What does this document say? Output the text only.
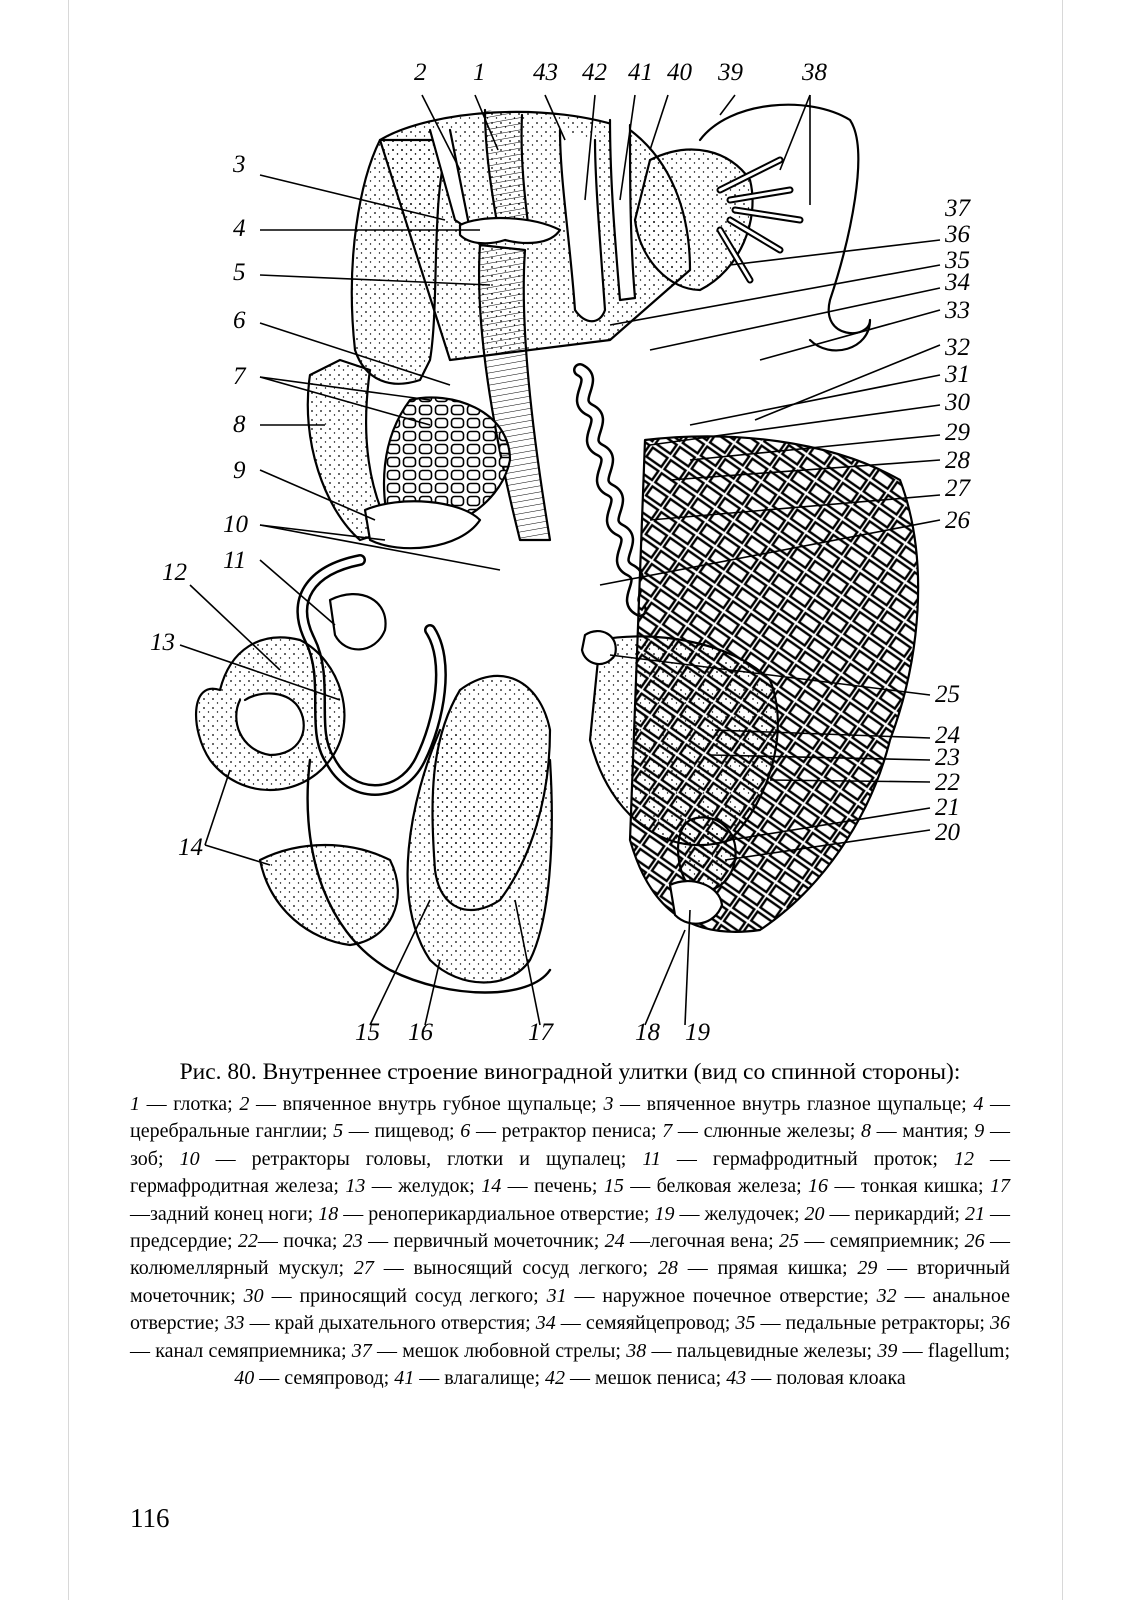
2 1 43 42 41 40 39 38
3
4
5
6
7
8
9
10
11
12
13
14
15 16	17	18 19
20
21
22
23
24
25
26
27
28
29
30
31
32
33
34
35
36
37
Рис. 80. Внутреннее строение виноградной улитки (вид со спинной стороны):
1 — глотка; 2 — впяченное внутрь губное щупальце; 3 — впяченное внутрь глазное щупальце; 4 — церебральные ганглии; 5 — пищевод; 6 — ретрактор пениса; 7 — слюнные железы; 8 — мантия; 9 — зоб; 10 — ретракторы головы, глотки и щупалец; 11 — гермафродитный проток; 12 — гермафродитная железа; 13 — желудок; 14 — печень; 15 — белковая железа; 16 — тонкая кишка; 17 —задний конец ноги; 18 — ренoперикардиальное отверстие; 19 — желудочек; 20 — перикардий; 21 — предсердие; 22— почка; 23 — первичный мочеточник; 24 —легочная вена; 25 — семяприемник; 26 — колюмеллярный мускул; 27 — выносящий сосуд легкого; 28 — прямая кишка; 29 — вторичный мочеточник; 30 — приносящий сосуд легкого; 31 — наружное почечное отверстие; 32 — анальное отверстие; 33 — край дыхательного отверстия; 34 — семяяйцепровод; 35 — педальные ретракторы; 36 — канал семяприемника; 37 — мешок любовной стрелы; 38 — пальцевидные железы; 39 — flagellum; 40 — семяпровод; 41 — влагалище; 42 — мешок пениса; 43 — половая клоака
116
